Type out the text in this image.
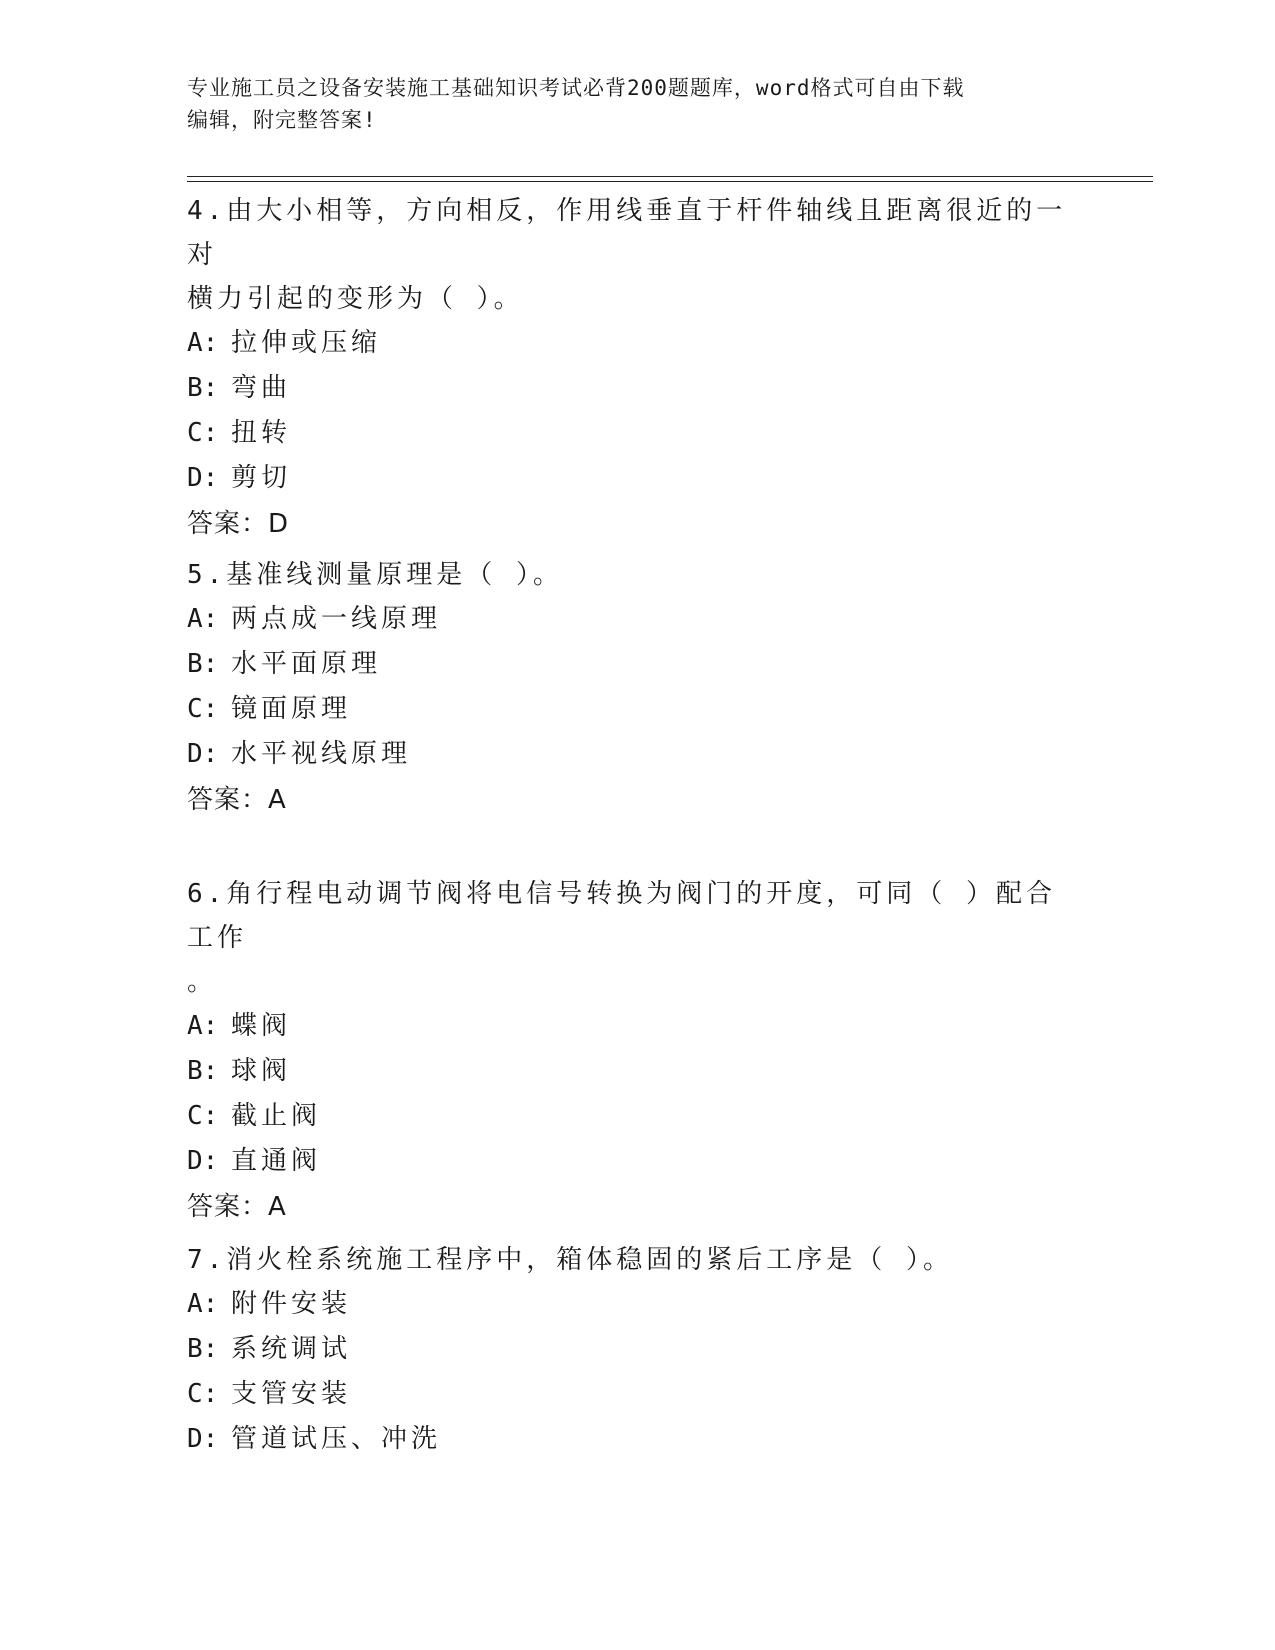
专业施工员之设备安装施工基础知识考试必背200题题库，word格式可自由下载
编辑，附完整答案!
4.由大小相等，方向相反，作用线垂直于杆件轴线且距离很近的一对
横力引起的变形为（ ）。
A: 拉伸或压缩
B: 弯曲
C: 扭转
D: 剪切
答案：D
5.基准线测量原理是（ ）。
A: 两点成一线原理
B: 水平面原理
C: 镜面原理
D: 水平视线原理
答案：A
6.角行程电动调节阀将电信号转换为阀门的开度，可同（ ）配合工作
。
A: 蝶阀
B: 球阀
C: 截止阀
D: 直通阀
答案：A
7.消火栓系统施工程序中，箱体稳固的紧后工序是（ ）。
A: 附件安装
B: 系统调试
C: 支管安装
D: 管道试压、冲洗
